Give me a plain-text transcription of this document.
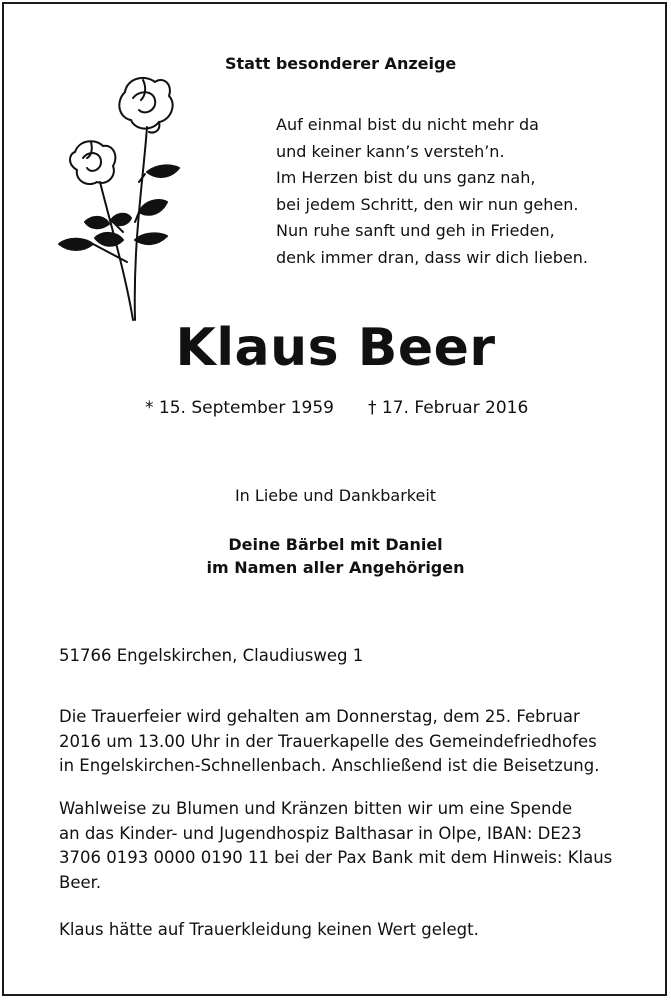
Statt besonderer Anzeige
Auf einmal bist du nicht mehr da
und keiner kann’s versteh’n.
Im Herzen bist du uns ganz nah,
bei jedem Schritt, den wir nun gehen.
Nun ruhe sanft und geh in Frieden,
denk immer dran, dass wir dich lieben.
Klaus Beer
* 15. September 1959 † 17. Februar 2016
In Liebe und Dankbarkeit
Deine Bärbel mit Daniel
im Namen aller Angehörigen
51766 Engelskirchen, Claudiusweg 1
Die Trauerfeier wird gehalten am Donnerstag, dem 25. Februar
2016 um 13.00 Uhr in der Trauerkapelle des Gemeindefriedhofes
in Engelskirchen-Schnellenbach. Anschließend ist die Beisetzung.
Wahlweise zu Blumen und Kränzen bitten wir um eine Spende
an das Kinder- und Jugendhospiz Balthasar in Olpe, IBAN: DE23
3706 0193 0000 0190 11 bei der Pax Bank mit dem Hinweis: Klaus
Beer.
Klaus hätte auf Trauerkleidung keinen Wert gelegt.
